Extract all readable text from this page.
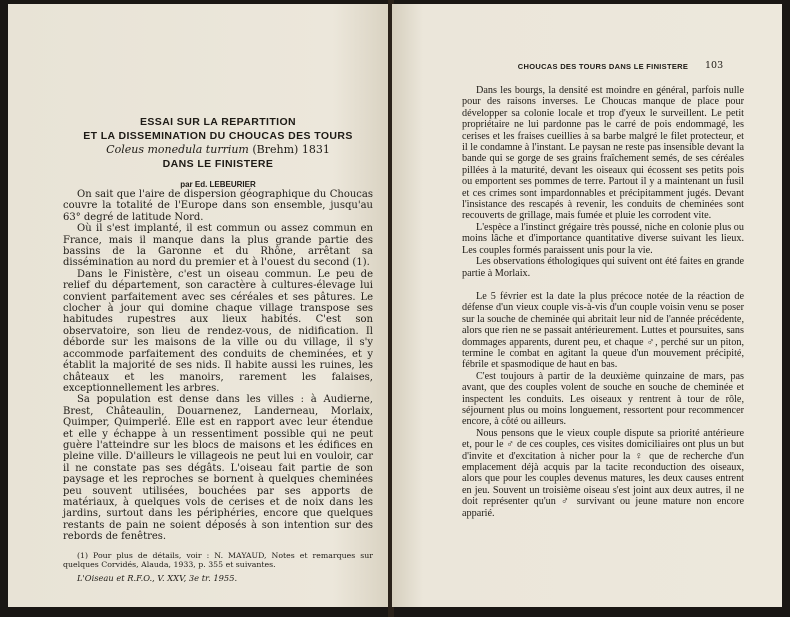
ESSAI SUR LA REPARTITION
ET LA DISSEMINATION DU CHOUCAS DES TOURS
Coleus monedula turrium (Brehm) 1831
DANS LE FINISTERE
par Ed. LEBEURIER

On sait que l'aire de dispersion géographique du Choucas couvre la totalité de l'Europe dans son ensemble, jusqu'au 63° degré de latitude Nord.

Où il s'est implanté, il est commun ou assez commun en France, mais il manque dans la plus grande partie des bassins de la Garonne et du Rhône, arrêtant sa dissémination au nord du premier et à l'ouest du second (1).

Dans le Finistère, c'est un oiseau commun. Le peu de relief du département, son caractère à cultures-élevage lui convient parfaitement avec ses céréales et ses pâtures. Le clocher à jour qui domine chaque village transpose ses habitudes rupestres aux lieux habités. C'est son observatoire, son lieu de rendez-vous, de nidification. Il déborde sur les maisons de la ville ou du village, il s'y accommode parfaitement des conduits de cheminées, et y établit la majorité de ses nids. Il habite aussi les ruines, les châteaux et les manoirs, rarement les falaises, exceptionnellement les arbres.

Sa population est dense dans les villes : à Audierne, Brest, Châteaulin, Douarnenez, Landerneau, Morlaix, Quimper, Quimperlé. Elle est en rapport avec leur étendue et elle y échappe à un ressentiment possible qui ne peut guère l'atteindre sur les blocs de maisons et les édifices en pleine ville. D'ailleurs le villageois ne peut lui en vouloir, car il ne constate pas ses dégâts. L'oiseau fait partie de son paysage et les reproches se bornent à quelques cheminées peu souvent utilisées, bouchées par ses apports de matériaux, à quelques vols de cerises et de noix dans les jardins, surtout dans les périphéries, encore que quelques restants de pain ne soient déposés à son intention sur des rebords de fenêtres.

(1) Pour plus de détails, voir : N. MAYAUD, Notes et remarques sur quelques Corvidés, Alauda, 1933, p. 355 et suivantes.
L'Oiseau et R.F.O., V. XXV, 3e tr. 1955.
CHOUCAS DES TOURS DANS LE FINISTERE	103

Dans les bourgs, la densité est moindre en général, parfois nulle pour des raisons inverses. Le Choucas manque de place pour développer sa colonie locale et trop d'yeux le surveillent. Le petit propriétaire ne lui pardonne pas le carré de pois endommagé, les cerises et les fraises cueillies à sa barbe malgré le filet protecteur, et il le condamne à l'instant. Le paysan ne reste pas insensible devant la bande qui se gorge de ses grains fraîchement semés, de ses céréales pillées à la maturité, devant les oiseaux qui écossent ses petits pois ou emportent ses pommes de terre. Partout il y a maintenant un fusil et ces crimes sont impardonnables et précipitamment jugés. Devant l'insistance des rescapés à revenir, les conduits de cheminées sont recouverts de grillage, mais fumée et pluie les corrodent vite.

L'espèce a l'instinct grégaire très poussé, niche en colonie plus ou moins lâche et d'importance quantitative diverse suivant les lieux. Les couples formés paraissent unis pour la vie.

Les observations éthologiques qui suivent ont été faites en grande partie à Morlaix.

Le 5 février est la date la plus précoce notée de la réaction de défense d'un vieux couple vis-à-vis d'un couple voisin venu se poser sur la souche de cheminée qui abritait leur nid de l'année précédente, alors que rien ne se passait antérieurement. Luttes et poursuites, sans dommages apparents, durent peu, et chaque ♂, perché sur un piton, termine le combat en agitant la queue d'un mouvement précipité, fébrile et spasmodique de haut en bas.

C'est toujours à partir de la deuxième quinzaine de mars, pas avant, que des couples volent de souche en souche de cheminée et inspectent les conduits. Les oiseaux y rentrent à tour de rôle, séjournent plus ou moins longuement, ressortent pour recommencer encore, à côté ou ailleurs.

Nous pensons que le vieux couple dispute sa priorité antérieure et, pour le ♂ de ces couples, ces visites domiciliaires ont plus un but d'invite et d'excitation à nicher pour la ♀ que de recherche d'un emplacement déjà acquis par la tacite reconduction des oiseaux, alors que pour les couples devenus matures, les deux causes entrent en jeu. Souvent un troisième oiseau s'est joint aux deux autres, il ne doit représenter qu'un ♂ survivant ou jeune mature non encore apparié.
